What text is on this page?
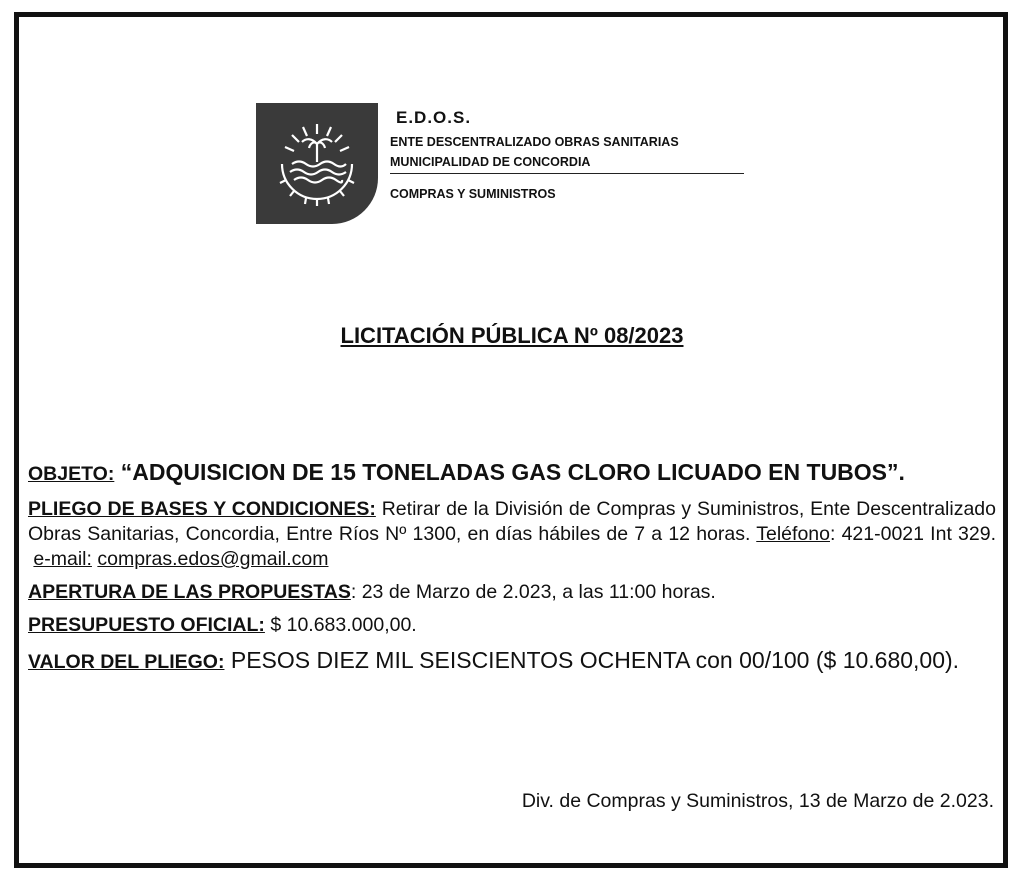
E.D.O.S.
ENTE DESCENTRALIZADO OBRAS SANITARIAS
MUNICIPALIDAD DE CONCORDIA
COMPRAS Y SUMINISTROS
LICITACIÓN PÚBLICA Nº 08/2023

OBJETO: “ADQUISICION DE 15 TONELADAS GAS CLORO LICUADO EN TUBOS”.

PLIEGO DE BASES Y CONDICIONES: Retirar de la División de Compras y Suministros, Ente Descentralizado Obras Sanitarias, Concordia, Entre Ríos Nº 1300, en días hábiles de 7 a 12 horas. Teléfono: 421-0021 Int 329.  e-mail: compras.edos@gmail.com

APERTURA DE LAS PROPUESTAS: 23 de Marzo de 2.023, a las 11:00 horas.

PRESUPUESTO OFICIAL: $ 10.683.000,00.

VALOR DEL PLIEGO: PESOS DIEZ MIL SEISCIENTOS OCHENTA con 00/100 ($ 10.680,00).

Div. de Compras y Suministros, 13 de Marzo de 2.023.
